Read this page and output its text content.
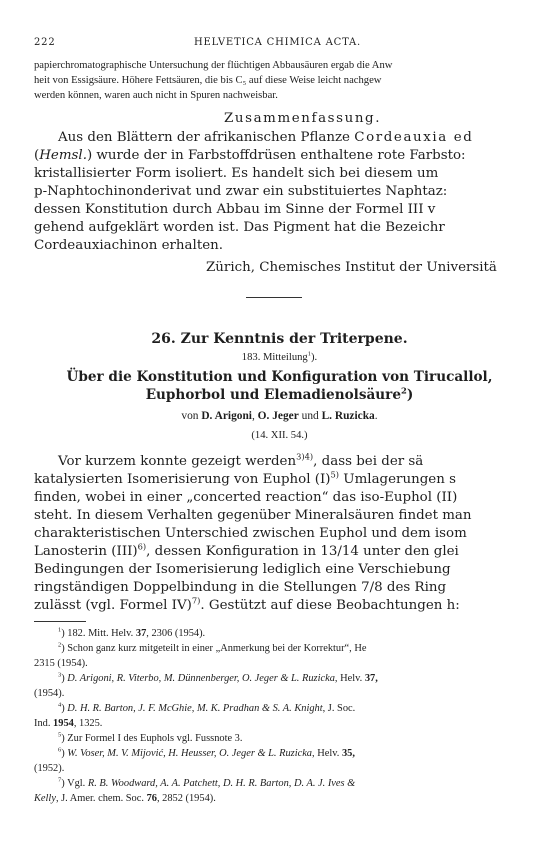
222	HELVETICA CHIMICA ACTA.
papierchromatographische Untersuchung der flüchtigen Abbausäuren ergab die Anw
heit von Essigsäure. Höhere Fettsäuren, die bis C₅ auf diese Weise leicht nachgew
werden können, waren auch nicht in Spuren nachweisbar.
Zusammenfassung.
Aus den Blättern der afrikanischen Pflanze Cordeauxia ed
(Hemsl.) wurde der in Farbstoffdrüsen enthaltene rote Farbsto:
kristallisierter Form isoliert. Es handelt sich bei diesem um
p-Naphtochinonderivat und zwar ein substituiertes Naphtaz:
dessen Konstitution durch Abbau im Sinne der Formel III v
gehend aufgeklärt worden ist. Das Pigment hat die Bezeichr
Cordeauxiachinon erhalten.
Zürich, Chemisches Institut der Universitä
26. Zur Kenntnis der Triterpene.
183. Mitteilung$^1$).
Über die Konstitution und Konfiguration von Tirucallol,
Euphorbol und Elemadienolsäure$^2$)
von D. Arigoni, O. Jeger und L. Ruzicka.
(14. XII. 54.)
Vor kurzem konnte gezeigt werden$^{3)4)}$, dass bei der sä
katalysierten Isomerisierung von Euphol $(I)^{5)}$ Umlagerungen s
finden, wobei in einer „concerted reaction“ das iso-Euphol (II)
steht. In diesem Verhalten gegenüber Mineralsäuren findet man
charakteristischen Unterschied zwischen Euphol und dem isom
Lanosterin (III)$^{6)}$, dessen Konfiguration in 13/14 unter den glei
Bedingungen der Isomerisierung lediglich eine Verschiebung
ringständigen Doppelbindung in die Stellungen 7/8 des Ring
zulässt (vgl. Formel IV)$^{7)}$. Gestützt auf diese Beobachtungen h:
$^1$) 182. Mitt. Helv. 37, 2306 (1954).
$^2$) Schon ganz kurz mitgeteilt in einer „Anmerkung bei der Korrektur“, He
2315 (1954).
$^3$) D. Arigoni, R. Viterbo, M. Dünnenberger, O. Jeger & L. Ruzicka, Helv. 37,
(1954).
$^4$) D. H. R. Barton, J. F. McGhie, M. K. Pradhan & S. A. Knight, J. Soc.
Ind. 1954, 1325.
$^5$) Zur Formel I des Euphols vgl. Fussnote 3.
$^6$) W. Voser, M. V. Mijović, H. Heusser, O. Jeger & L. Ruzicka, Helv. 35,
(1952).
$^7$) Vgl. R. B. Woodward, A. A. Patchett, D. H. R. Barton, D. A. J. Ives &
Kelly, J. Amer. chem. Soc. 76, 2852 (1954).
